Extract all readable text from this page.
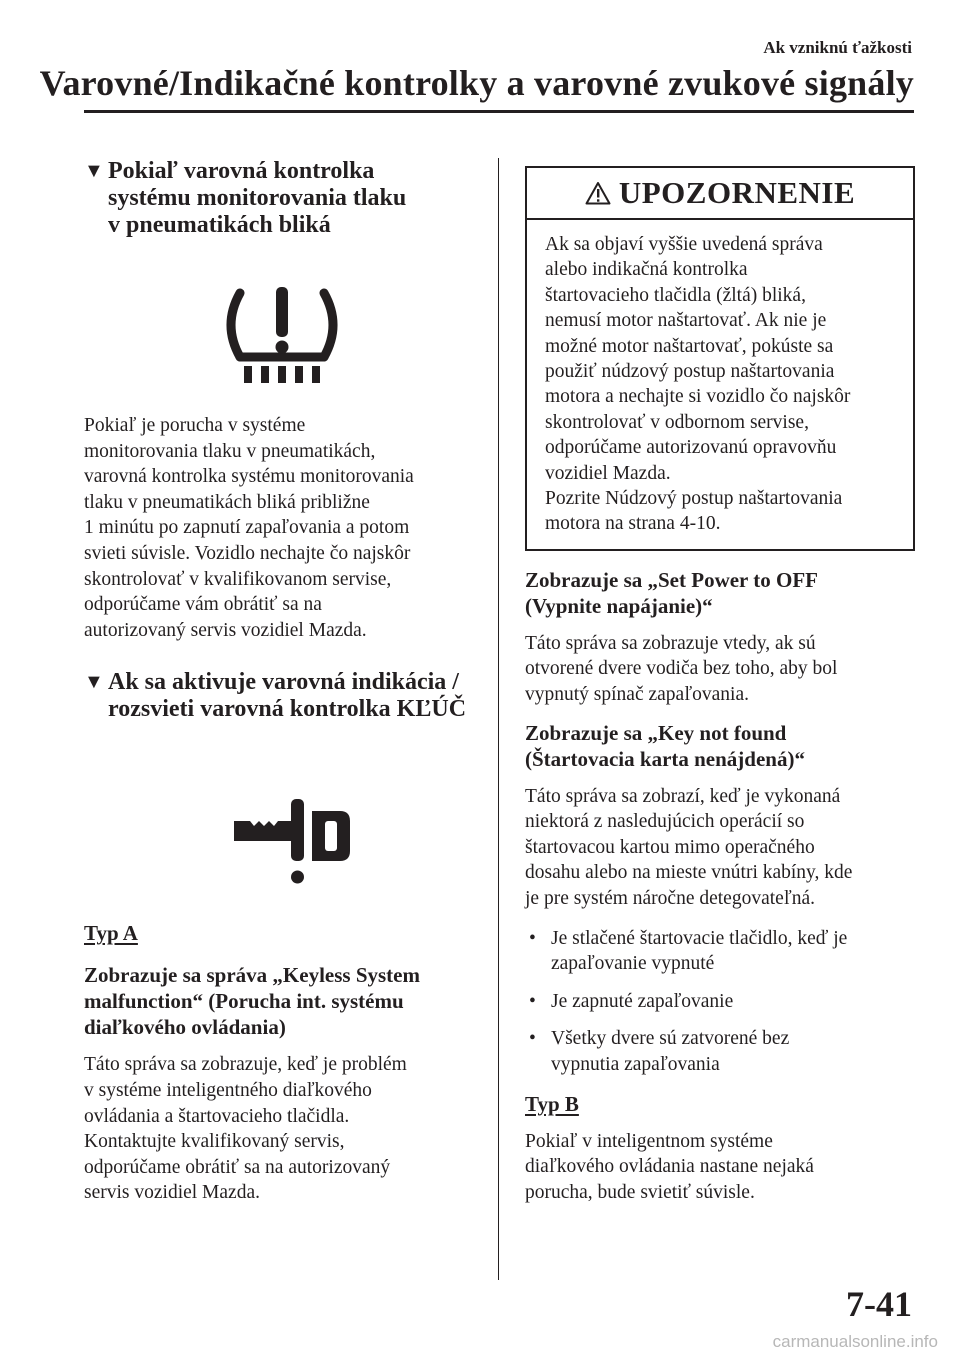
Ak vzniknú ťažkosti
Varovné/Indikačné kontrolky a varovné zvukové signály
▼ Pokiaľ varovná kontrolka
systému monitorovania tlaku
v pneumatikách bliká

Pokiaľ je porucha v systéme
monitorovania tlaku v pneumatikách,
varovná kontrolka systému monitorovania
tlaku v pneumatikách bliká približne
1 minútu po zapnutí zapaľovania a potom
svieti súvisle. Vozidlo nechajte čo najskôr
skontrolovať v kvalifikovanom servise,
odporúčame vám obrátiť sa na
autorizovaný servis vozidiel Mazda.

▼ Ak sa aktivuje varovná indikácia /
rozsvieti varovná kontrolka KĽÚČ

Typ A

Zobrazuje sa správa „Keyless System
malfunction“ (Porucha int. systému
diaľkového ovládania)

Táto správa sa zobrazuje, keď je problém
v systéme inteligentného diaľkového
ovládania a štartovacieho tlačidla.
Kontaktujte kvalifikovaný servis,
odporúčame obrátiť sa na autorizovaný
servis vozidiel Mazda.

UPOZORNENIE
Ak sa objaví vyššie uvedená správa
alebo indikačná kontrolka
štartovacieho tlačidla (žltá) bliká,
nemusí motor naštartovať. Ak nie je
možné motor naštartovať, pokúste sa
použiť núdzový postup naštartovania
motora a nechajte si vozidlo čo najskôr
skontrolovať v odbornom servise,
odporúčame autorizovanú opravovňu
vozidiel Mazda.
Pozrite Núdzový postup naštartovania
motora na strana 4-10.
Zobrazuje sa „Set Power to OFF
(Vypnite napájanie)“

Táto správa sa zobrazuje vtedy, ak sú
otvorené dvere vodiča bez toho, aby bol
vypnutý spínač zapaľovania.

Zobrazuje sa „Key not found
(Štartovacia karta nenájdená)“

Táto správa sa zobrazí, keď je vykonaná
niektorá z nasledujúcich operácií so
štartovacou kartou mimo operačného
dosahu alebo na mieste vnútri kabíny, kde
je pre systém náročne detegovateľná.

• Je stlačené štartovacie tlačidlo, keď je
zapaľovanie vypnuté
• Je zapnuté zapaľovanie
• Všetky dvere sú zatvorené bez
vypnutia zapaľovania

Typ B

Pokiaľ v inteligentnom systéme
diaľkového ovládania nastane nejaká
porucha, bude svietiť súvisle.

7-41
carmanualsonline.info
